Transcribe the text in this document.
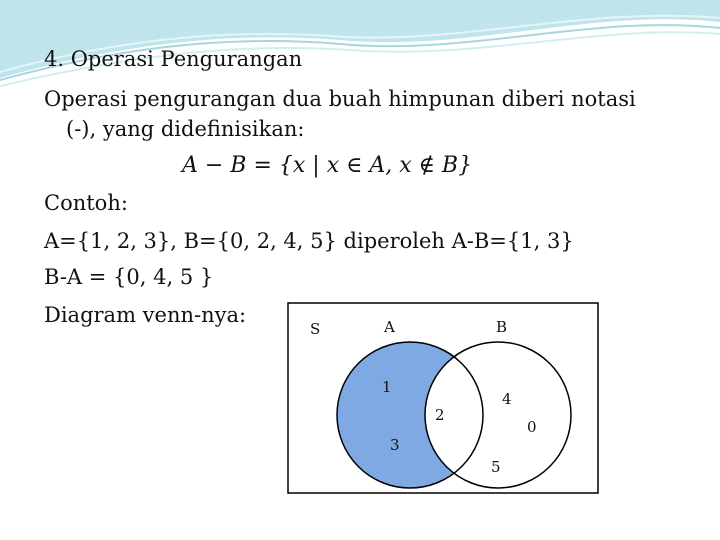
4. Operasi Pengurangan
Operasi pengurangan dua buah himpunan diberi notasi
(-), yang didefinisikan:
A − B = {x | x ∈ A, x ∉ B}
Contoh:
A={1, 2, 3}, B={0, 2, 4, 5} diperoleh A-B={1, 3}
B-A = {0, 4, 5 }
Diagram venn-nya:
S	A	B
1
3
2
4
0
5
